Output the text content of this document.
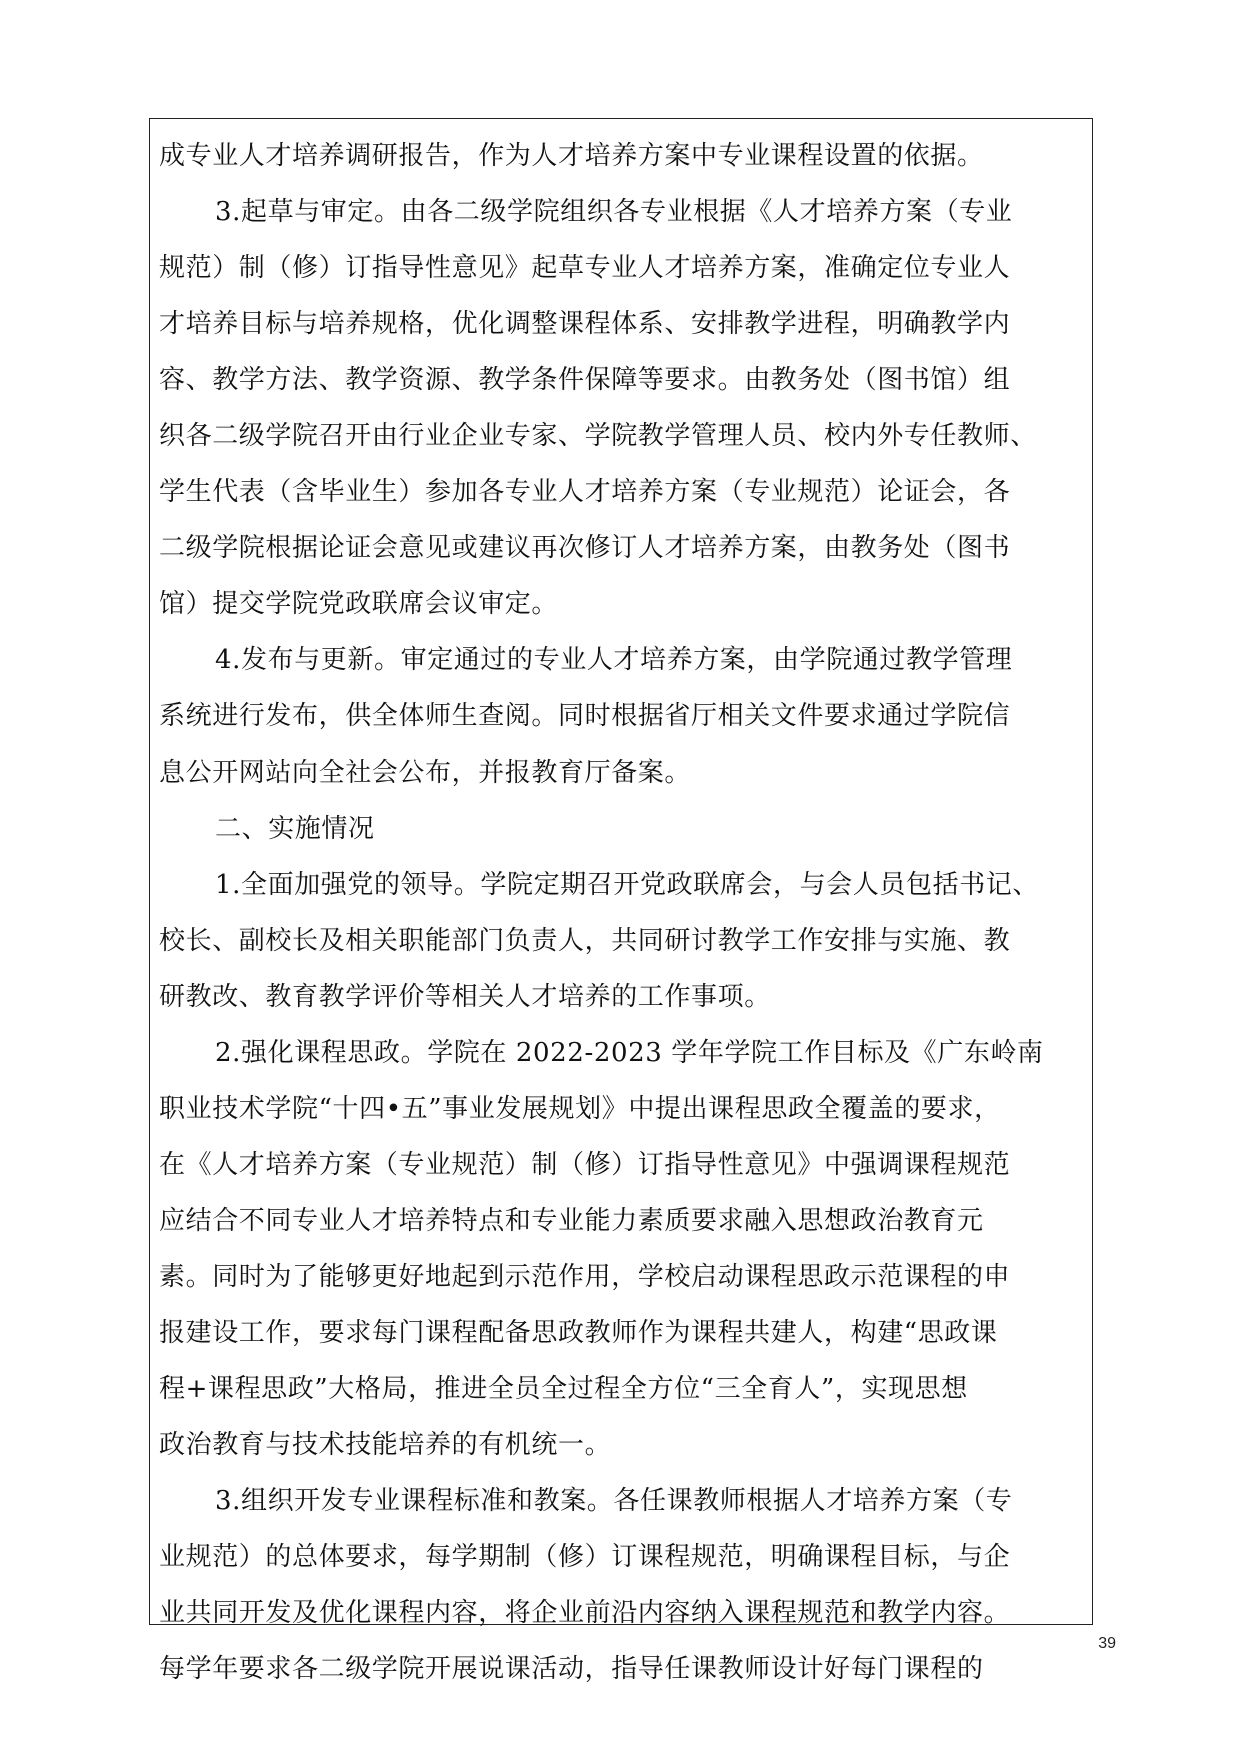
成专业人才培养调研报告，作为人才培养方案中专业课程设置的依据。
3.起草与审定。由各二级学院组织各专业根据《人才培养方案（专业
规范）制（修）订指导性意见》起草专业人才培养方案，准确定位专业人
才培养目标与培养规格，优化调整课程体系、安排教学进程，明确教学内
容、教学方法、教学资源、教学条件保障等要求。由教务处（图书馆）组
织各二级学院召开由行业企业专家、学院教学管理人员、校内外专任教师、
学生代表（含毕业生）参加各专业人才培养方案（专业规范）论证会，各
二级学院根据论证会意见或建议再次修订人才培养方案，由教务处（图书
馆）提交学院党政联席会议审定。
4.发布与更新。审定通过的专业人才培养方案，由学院通过教学管理
系统进行发布，供全体师生查阅。同时根据省厅相关文件要求通过学院信
息公开网站向全社会公布，并报教育厅备案。
二、实施情况
1.全面加强党的领导。学院定期召开党政联席会，与会人员包括书记、
校长、副校长及相关职能部门负责人，共同研讨教学工作安排与实施、教
研教改、教育教学评价等相关人才培养的工作事项。
2.强化课程思政。学院在 2022-2023 学年学院工作目标及《广东岭南
职业技术学院“十四•五”事业发展规划》中提出课程思政全覆盖的要求，
在《人才培养方案（专业规范）制（修）订指导性意见》中强调课程规范
应结合不同专业人才培养特点和专业能力素质要求融入思想政治教育元
素。同时为了能够更好地起到示范作用，学校启动课程思政示范课程的申
报建设工作，要求每门课程配备思政教师作为课程共建人，构建“思政课
程+课程思政”大格局，推进全员全过程全方位“三全育人”，实现思想
政治教育与技术技能培养的有机统一。
3.组织开发专业课程标准和教案。各任课教师根据人才培养方案（专
业规范）的总体要求，每学期制（修）订课程规范，明确课程目标，与企
业共同开发及优化课程内容，将企业前沿内容纳入课程规范和教学内容。
每学年要求各二级学院开展说课活动，指导任课教师设计好每门课程的
39
